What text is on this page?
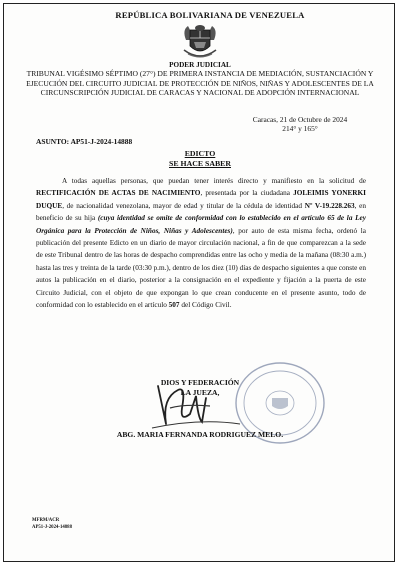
REPÚBLICA BOLIVARIANA DE VENEZUELA
PODER JUDICIAL
TRIBUNAL VIGÉSIMO SÉPTIMO (27°) DE PRIMERA INSTANCIA DE MEDIACIÓN, SUSTANCIACIÓN Y EJECUCIÓN DEL CIRCUITO JUDICIAL DE PROTECCIÓN DE NIÑOS, NIÑAS Y ADOLESCENTES DE LA CIRCUNSCRIPCIÓN JUDICIAL DE CARACAS Y NACIONAL DE ADOPCIÓN INTERNACIONAL
Caracas, 21 de Octubre de 2024
214° y 165°
ASUNTO: AP51-J-2024-14888
EDICTO
SE HACE SABER
A todas aquellas personas, que puedan tener interés directo y manifiesto en la solicitud de RECTIFICACIÓN DE ACTAS DE NACIMIENTO, presentada por la ciudadana JOLEIMIS YONERKI DUQUE, de nacionalidad venezolana, mayor de edad y titular de la cédula de identidad Nº V-19.228.263, en beneficio de su hija (cuya identidad se omite de conformidad con lo establecido en el artículo 65 de la Ley Orgánica para la Protección de Niños, Niñas y Adolescentes), por auto de esta misma fecha, ordenó la publicación del presente Edicto en un diario de mayor circulación nacional, a fin de que comparezcan a la sede de este Tribunal dentro de las horas de despacho comprendidas entre las ocho y media de la mañana (08:30 a.m.) hasta las tres y treinta de la tarde (03:30 p.m.), dentro de los diez (10) días de despacho siguientes a que conste en autos la publicación en el diario, posterior a la consignación en el expediente y fijación a la puerta de este Circuito Judicial, con el objeto de que expongan lo que crean conducente en el presente asunto, todo de conformidad con lo establecido en el artículo 507 del Código Civil.
DIOS Y FEDERACIÓN
LA JUEZA,
ABG. MARIA FERNANDA RODRIGUEZ MELO.
MFRM/ACR
AP51-J-2024-14888
